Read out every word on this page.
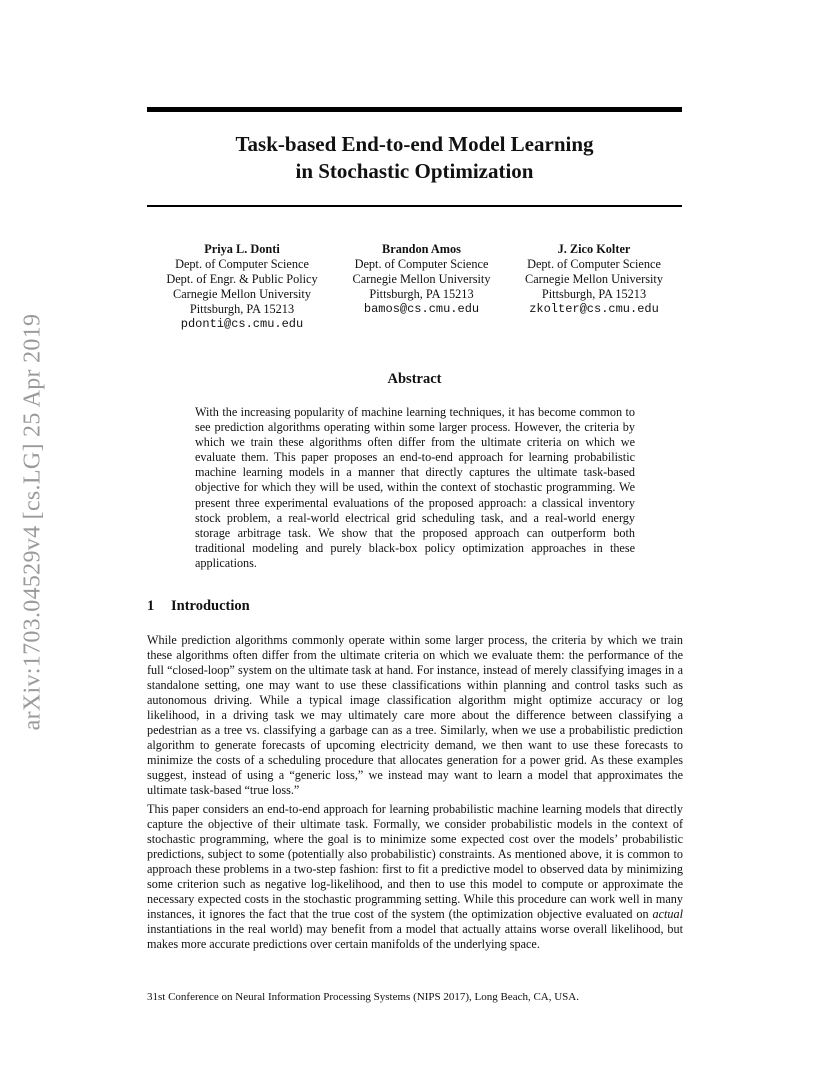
arXiv:1703.04529v4 [cs.LG] 25 Apr 2019
Task-based End-to-end Model Learning
in Stochastic Optimization
Priya L. Donti
Dept. of Computer Science
Dept. of Engr. & Public Policy
Carnegie Mellon University
Pittsburgh, PA 15213
pdonti@cs.cmu.edu
Brandon Amos
Dept. of Computer Science
Carnegie Mellon University
Pittsburgh, PA 15213
bamos@cs.cmu.edu
J. Zico Kolter
Dept. of Computer Science
Carnegie Mellon University
Pittsburgh, PA 15213
zkolter@cs.cmu.edu
Abstract
With the increasing popularity of machine learning techniques, it has become common to see prediction algorithms operating within some larger process. However, the criteria by which we train these algorithms often differ from the ultimate criteria on which we evaluate them. This paper proposes an end-to-end approach for learning probabilistic machine learning models in a manner that directly captures the ultimate task-based objective for which they will be used, within the context of stochastic programming. We present three experimental evaluations of the proposed approach: a classical inventory stock problem, a real-world electrical grid scheduling task, and a real-world energy storage arbitrage task. We show that the proposed approach can outperform both traditional modeling and purely black-box policy optimization approaches in these applications.
1 Introduction

While prediction algorithms commonly operate within some larger process, the criteria by which we train these algorithms often differ from the ultimate criteria on which we evaluate them: the performance of the full “closed-loop” system on the ultimate task at hand. For instance, instead of merely classifying images in a standalone setting, one may want to use these classifications within planning and control tasks such as autonomous driving. While a typical image classification algorithm might optimize accuracy or log likelihood, in a driving task we may ultimately care more about the difference between classifying a pedestrian as a tree vs. classifying a garbage can as a tree. Similarly, when we use a probabilistic prediction algorithm to generate forecasts of upcoming electricity demand, we then want to use these forecasts to minimize the costs of a scheduling procedure that allocates generation for a power grid. As these examples suggest, instead of using a “generic loss,” we instead may want to learn a model that approximates the ultimate task-based “true loss.”

This paper considers an end-to-end approach for learning probabilistic machine learning models that directly capture the objective of their ultimate task. Formally, we consider probabilistic models in the context of stochastic programming, where the goal is to minimize some expected cost over the models’ probabilistic predictions, subject to some (potentially also probabilistic) constraints. As mentioned above, it is common to approach these problems in a two-step fashion: first to fit a predictive model to observed data by minimizing some criterion such as negative log-likelihood, and then to use this model to compute or approximate the necessary expected costs in the stochastic programming setting. While this procedure can work well in many instances, it ignores the fact that the true cost of the system (the optimization objective evaluated on actual instantiations in the real world) may benefit from a model that actually attains worse overall likelihood, but makes more accurate predictions over certain manifolds of the underlying space.

31st Conference on Neural Information Processing Systems (NIPS 2017), Long Beach, CA, USA.
